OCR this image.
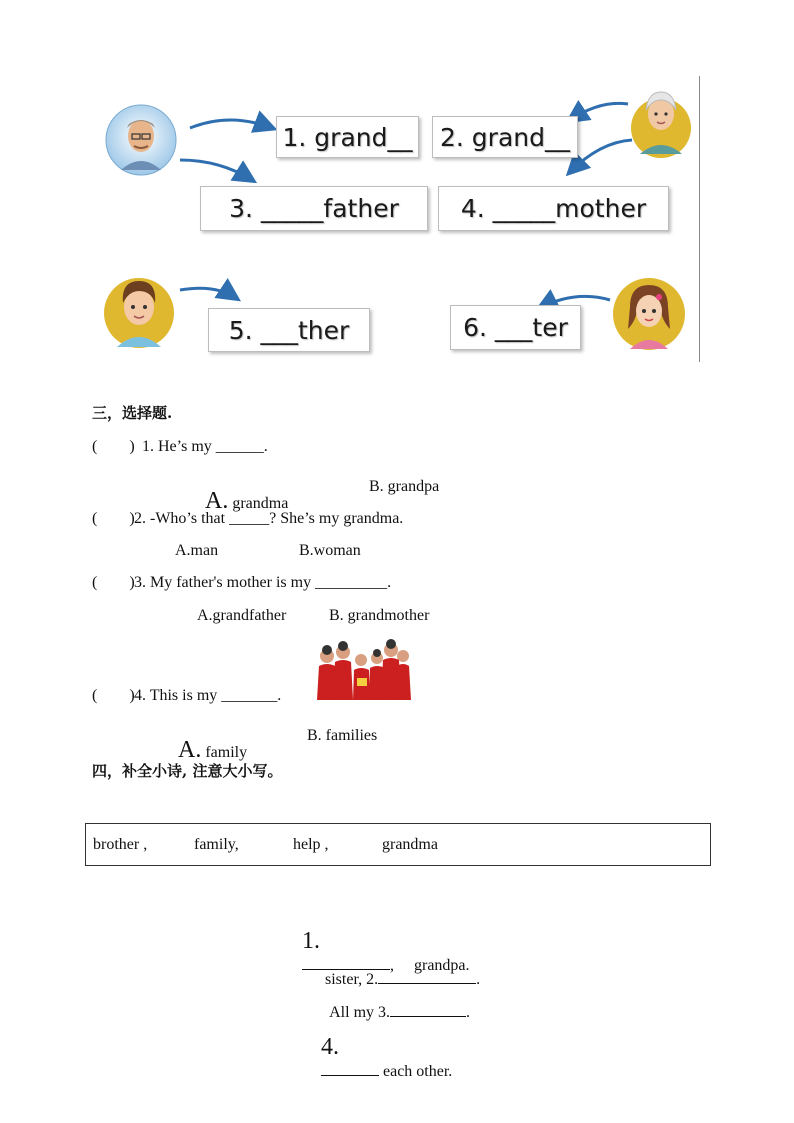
1. grand__	2. grand__
3. _____father	4. _____mother
5. ___ther	6. ___ter
三，选择题.
(        ) 1. He’s my ______.

A. grandma

B. grandpa
(        ) 2. -Who’s that _____? She’s my grandma.
A.man	B.woman
(        ) 3. My father's mother is my _________.
A.grandfather	B. grandmother
(        ) 4. This is my _______.

A. family

B. families
四，补全小诗, 注意大小写。
brother ,	family,	help ,	grandma

1.
,     grandpa.

sister, 2.	.

All my 3.	.

4.
each other.
